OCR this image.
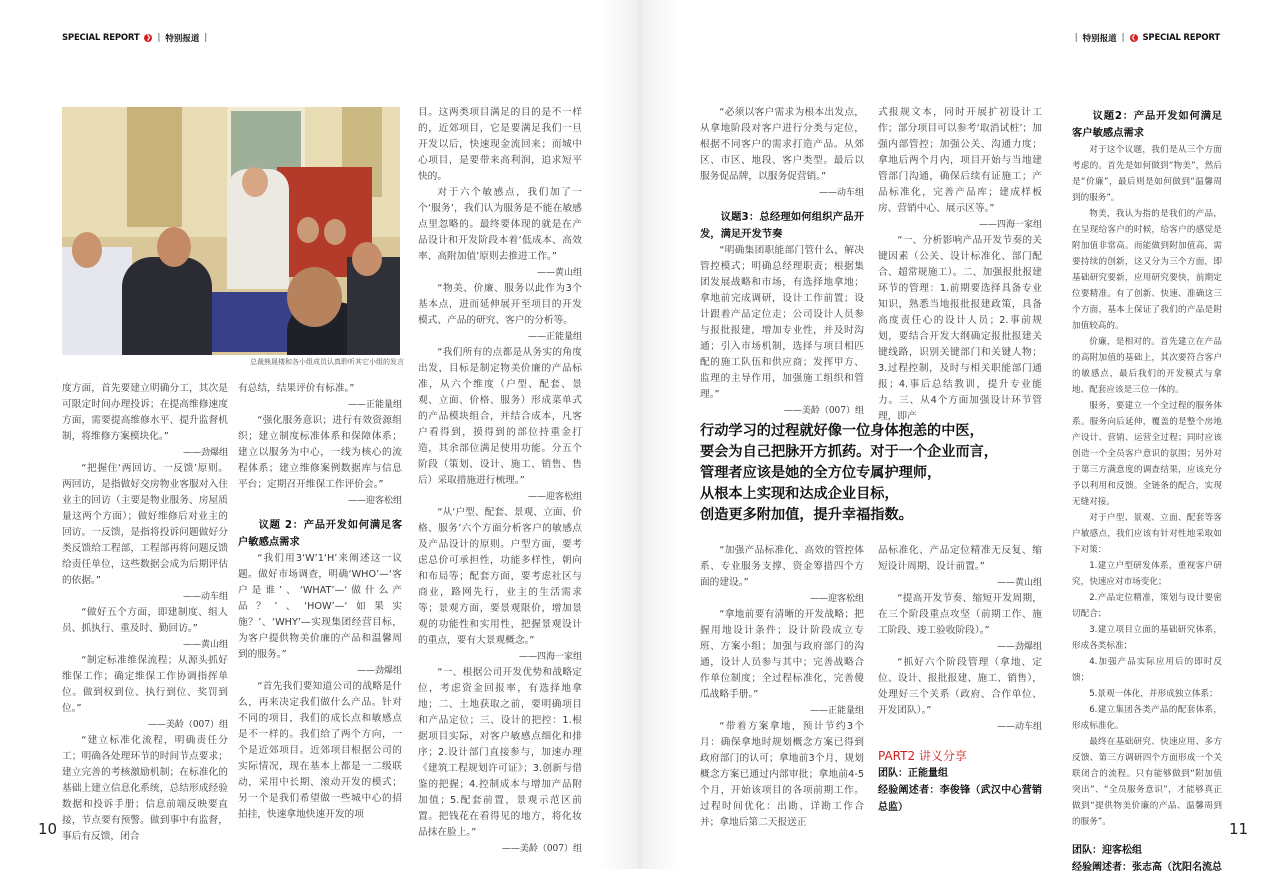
SPECIAL REPORT ❯ | 特别报道 |	| 特别报道 | ❮ SPECIAL REPORT
总裁熊晟楼和各小组成员认真聆听其它小组的发言

度方面，首先要建立明确分工，其次是可限定时间办理投诉；在提高维修速度方面，需要提高维修水平、提升监督机制，将维修方案模块化。”

——劲爆组

“把握住‘两回访、一反馈’原则。两回访，是指做好交房物业客服对入住业主的回访（主要是物业服务、房屋质量这两个方面）；做好维修后对业主的回访。一反馈，是指将投诉问题做好分类反馈给工程部，工程部再将问题反馈给责任单位，这些数据会成为后期评估的依据。”

——动车组

“做好五个方面，即建制度、组人员、抓执行、重及时、勤回访。”

——黄山组

“制定标准维保流程；从源头抓好维保工作；确定维保工作协调指挥单位。做到权到位、执行到位、奖罚到位。”

——美龄（007）组

“建立标准化流程，明确责任分工；明确各处理环节的时间节点要求；建立完善的考核激励机制；在标准化的基础上建立信息化系统，总结形成经验数据和投诉手册；信息前端反映要直接，节点要有预警。做到事中有监督，事后有反馈，闭合

有总结，结果评价有标准。”

——正能量组

“强化服务意识；进行有效资源组织；建立制度标准体系和保障体系；建立以服务为中心，一线为核心的流程体系；建立维修案例数据库与信息平台；定期召开维保工作评价会。”

——迎客松组

议题 2：产品开发如何满足客户敏感点需求

“我们用3‘W’1‘H’来阐述这一议题。做好市场调查，明确‘WHO’—‘客户是谁’、‘WHAT’—‘做什么产品？’、‘HOW’—‘如果实施？’、‘WHY’—实现集团经营目标，为客户提供物美价廉的产品和温馨周到的服务。”

——劲爆组

“首先我们要知道公司的战略是什么，再来决定我们做什么产品。针对不同的项目，我们的成长点和敏感点是不一样的。我们给了两个方向，一个是近郊项目。近郊项目根据公司的实际情况，现在基本上都是一二级联动，采用中长期、滚动开发的模式；另一个是我们希望做一些城中心的招拍挂，快速拿地快速开发的项

目。这两类项目满足的目的是不一样的，近郊项目，它是要满足我们一旦开发以后，快速现金流回来；而城中心项目，是要带来高利润，追求短平快的。

对于六个敏感点，我们加了一个‘服务’，我们认为服务是不能在敏感点里忽略的。最终要体现的就是在产品设计和开发阶段本着‘低成本、高效率、高附加值’原则去推进工作。”

——黄山组

“物美、价廉、服务以此作为3个基本点，进而延伸展开至项目的开发模式、产品的研究、客户的分析等。

——正能量组

“我们所有的点都是从务实的角度出发，目标是制定物美价廉的产品标准，从六个维度（户型、配套、景观、立面、价格、服务）形成菜单式的产品模块组合，并结合成本，凡客户看得到，摸得到的部位持重金打造，其余部位满足使用功能。分五个阶段（策划、设计、施工、销售、售后）采取措施进行梳理。”

——迎客松组

“从‘户型、配套、景观、立面、价格、服务’六个方面分析客户的敏感点及产品设计的原则。户型方面，要考虑总价可承担性，功能多样性，朝向和布局等；配套方面，要考虑社区与商业，路网先行，业主的生活需求等；景观方面，要景观限价，增加景观的功能性和实用性，把握景观设计的重点，要有大景观概念。”

——四海一家组

“一、根据公司开发优势和战略定位，考虑资金回报率，有选择地拿地；二、土地获取之前，要明确项目和产品定位；三、设计的把控：1.根据项目实际，对客户敏感点细化和排序；2.设计部门直接参与，加速办理《建筑工程规划许可证》；3.创新与借鉴的把握；4.控制成本与增加产品附加值；5.配套前置，景观示范区前置。把钱花在看得见的地方，将化妆品抹在脸上。”

——美龄（007）组

“必须以客户需求为根本出发点，从拿地阶段对客户进行分类与定位，根据不同客户的需求打造产品。从郊区、市区、地段、客户类型。最后以服务促品牌，以服务促营销。”

——动车组

议题3：总经理如何组织产品开发，满足开发节奏

“明确集团职能部门管什么，解决管控模式；明确总经理职责；根据集团发展战略和市场，有选择地拿地；拿地前完成调研，设计工作前置；设计跟着产品定位走；公司设计人员参与报批报建，增加专业性，并及时沟通；引入市场机制，选择与项目相匹配的施工队伍和供应商；发挥甲方、监理的主导作用，加强施工组织和管理。”

——美龄（007）组

式报规文本，同时开展扩初设计工作；部分项目可以参考‘取消试桩’；加强内部管控；加强公关、沟通力度；拿地后两个月内，项目开始与当地建管部门沟通，确保后续有证施工；产品标准化，完善产品库；建成样板房、营销中心、展示区等。”

——四海一家组

“一、分析影响产品开发节奏的关键因素（公关、设计标准化、部门配合、超常规施工）。二、加强报批报建环节的管理：1.前期要选择具备专业知识，熟悉当地报批报建政策，具备高度责任心的设计人员；2.事前规划，要结合开发大纲确定报批报建关键线路，识别关键部门和关键人物；3.过程控制，及时与相关职能部门通报；4.事后总结教训，提升专业能力。三、从4个方面加强设计环节管理，即产

“加强产品标准化、高效的管控体系、专业服务支撑、资金筹措四个方面的建设。”

——迎客松组

“拿地前要有清晰的开发战略；把握用地设计条件；设计阶段成立专班、方案小组；加强与政府部门的沟通，设计人员参与其中；完善战略合作单位制度；全过程标准化，完善傻瓜战略手册。”

——正能量组

“带着方案拿地，预计节约3个月：确保拿地时规划概念方案已得到政府部门的认可；拿地前3个月，规划概念方案已通过内部审批；拿地前4-5个月，开始该项目的各项前期工作。过程时间优化：出勘、详勘工作合并；拿地后第二天报送正

品标准化、产品定位精准无反复、缩短设计周期、设计前置。”

——黄山组

“提高开发节奏、缩短开发周期，在三个阶段重点攻坚（前期工作、施工阶段、竣工验收阶段）。”

——劲爆组

“抓好六个阶段管理（拿地、定位、设计、报批报建、施工、销售），处理好三个关系（政府、合作单位、开发团队）。”

——动车组

PART2 讲义分享

团队：正能量组

经验阐述者：李俊锋（武汉中心营销总监）

议题2：产品开发如何满足客户敏感点需求

对于这个议题，我们是从三个方面考虑的。首先是如何做到“物美”，然后是“价廉”，最后则是如何做到“温馨周到的服务”。

物美，我认为指的是我们的产品，在呈现给客户的时候，给客户的感觉是附加值非常高。而能做到附加值高，需要持续的创新，这又分为三个方面，即基础研究要新，应用研究要快，前期定位要精准。有了创新、快速、准确这三个方面，基本上保证了我们的产品是附加值较高的。

价廉，是相对的。首先建立在产品的高附加值的基础上，其次要符合客户的敏感点，最后我们的开发模式与拿地、配套应该是三位一体的。

服务，要建立一个全过程的服务体系。服务向后延伸，覆盖的是整个房地产设计、营销、运营全过程；同时应该创造一个全员客户意识的氛围；另外对于第三方满意度的调查结果，应该充分予以利用和反馈。全链条的配合，实现无缝对接。

对于户型、景观、立面、配套等客户敏感点，我们应该有针对性地采取如下对策：

1.建立户型研发体系，重视客户研究，快速应对市场变化；

2.产品定位精准，策划与设计要密切配合；

3.建立项目立面的基础研究体系，形成各类标准；

4.加强产品实际应用后的即时反馈；

5.景观一体化，并形成独立体系；

6.建立集团各类产品的配套体系，形成标准化。

最终在基础研究、快速应用、多方反馈、第三方调研四个方面形成一个关联闭合的流程。只有能够做到“附加值突出”、“全员服务意识”，才能够真正做到“提供物美价廉的产品、温馨周到的服务”。

团队：迎客松组

经验阐述者：张志高（沈阳名流总

行动学习的过程就好像一位身体抱恙的中医，
要会为自己把脉开方抓药。对于一个企业而言，
管理者应该是她的全方位专属护理师，
从根本上实现和达成企业目标，
创造更多附加值，提升幸福指数。
10	11
